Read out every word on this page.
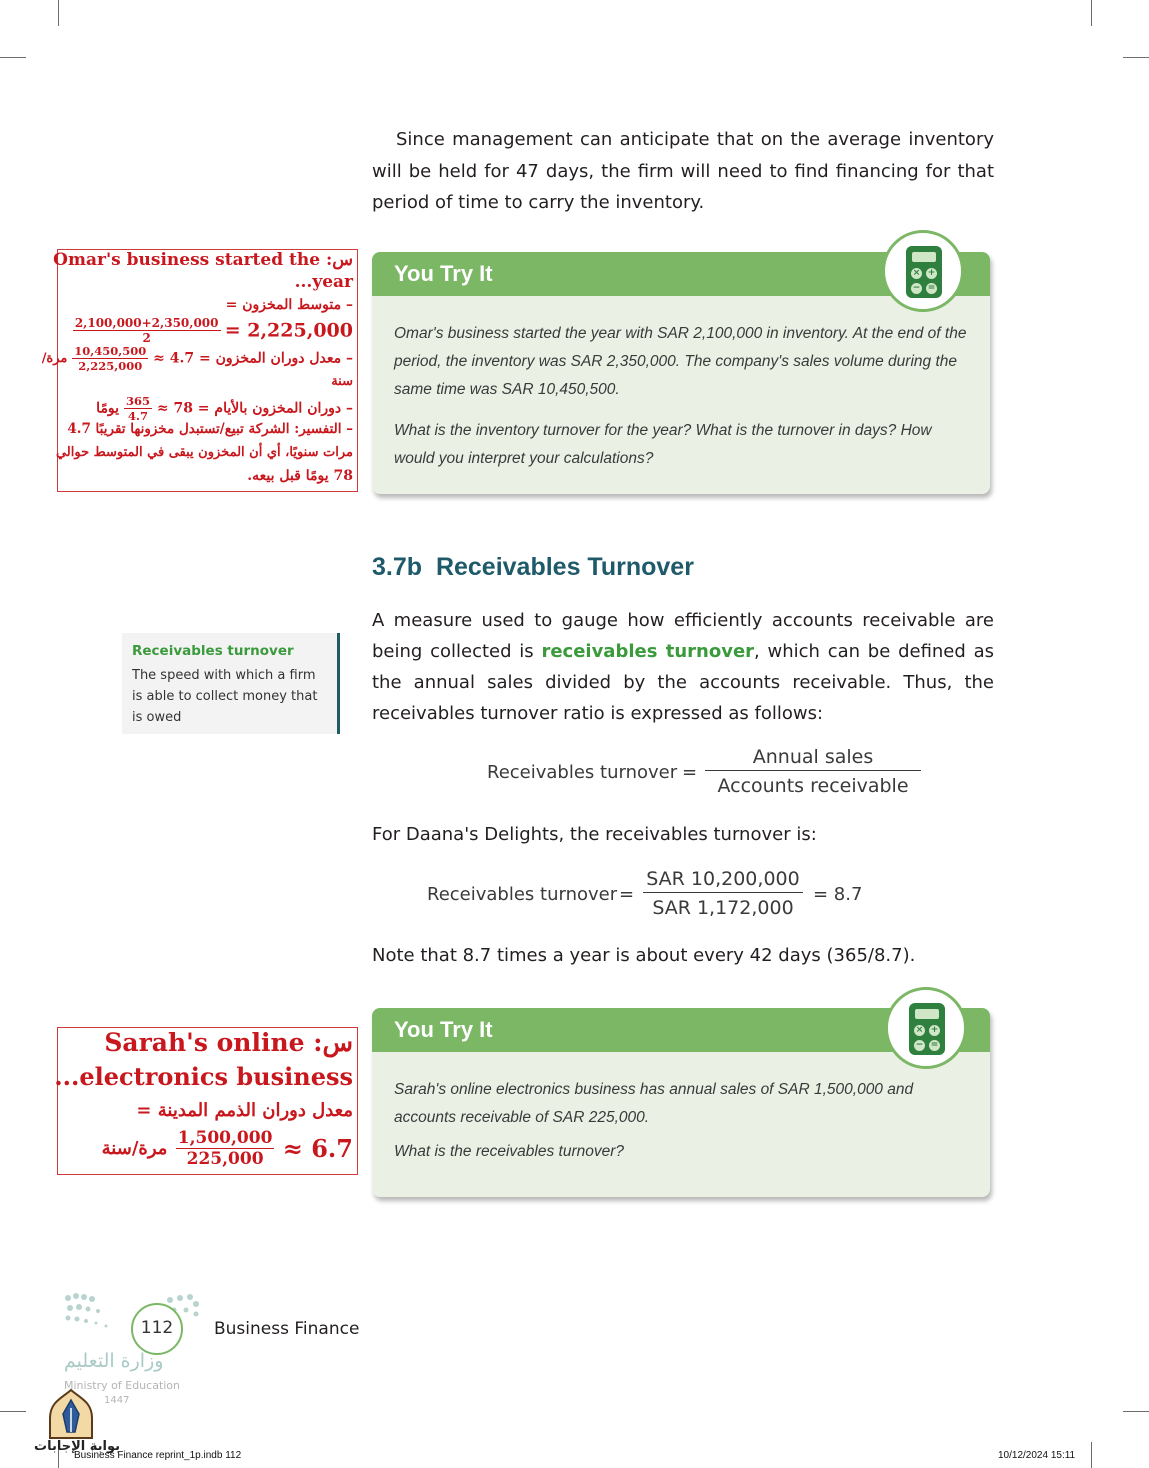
Since management can anticipate that on the average inventory will be held for 47 days, the firm will need to find financing for that period of time to carry the inventory.

س: Omar's business started the
year...
– متوسط المخزون =
$\frac{2,100,000+2,350,000}{2} = 2,225,000$
– معدل دوران المخزون = 4.7 ≈
$\frac{10,450,500}{2,225,000}$
مرة/
سنة
– دوران المخزون بالأيام = 78 ≈
$\frac{365}{4.7}$
يومًا
– التفسير: الشركة تبيع/تستبدل مخزونها تقريبًا 4.7
مرات سنويًا، أي أن المخزون يبقى في المتوسط حوالي
78 يومًا قبل بيعه.
You Try It

Omar's business started the year with SAR 2,100,000 in inventory. At the end of the period, the inventory was SAR 2,350,000. The company's sales volume during the same time was SAR 10,450,500.

What is the inventory turnover for the year? What is the turnover in days? How would you interpret your calculations?

× +
− =
3.7b Receivables Turnover

A measure used to gauge how efficiently accounts receivable are being collected is receivables turnover, which can be defined as the annual sales divided by the accounts receivable. Thus, the receivables turnover ratio is expressed as follows:

Receivables turnover
The speed with which a firm is able to collect money that is owed
Receivables turnover =
Annual sales
Accounts receivable

For Daana's Delights, the receivables turnover is:

Receivables turnover =
SAR 10,200,000
SAR 1,172,000
= 8.7

Note that 8.7 times a year is about every 42 days (365/8.7).

س: Sarah's online
electronics business...
معدل دوران الذمم المدينة =
6.7 ≈
$\frac{1,500,000}{225,000}$
مرة/سنة
You Try It

Sarah's online electronics business has annual sales of SAR 1,500,000 and accounts receivable of SAR 225,000.

What is the receivables turnover?

× +
− =
112	Business Finance
وزارة التعليم
Ministry of Education
1447
بوابة الإجابات
Business Finance reprint_1p.indb 112	10/12/2024 15:11
